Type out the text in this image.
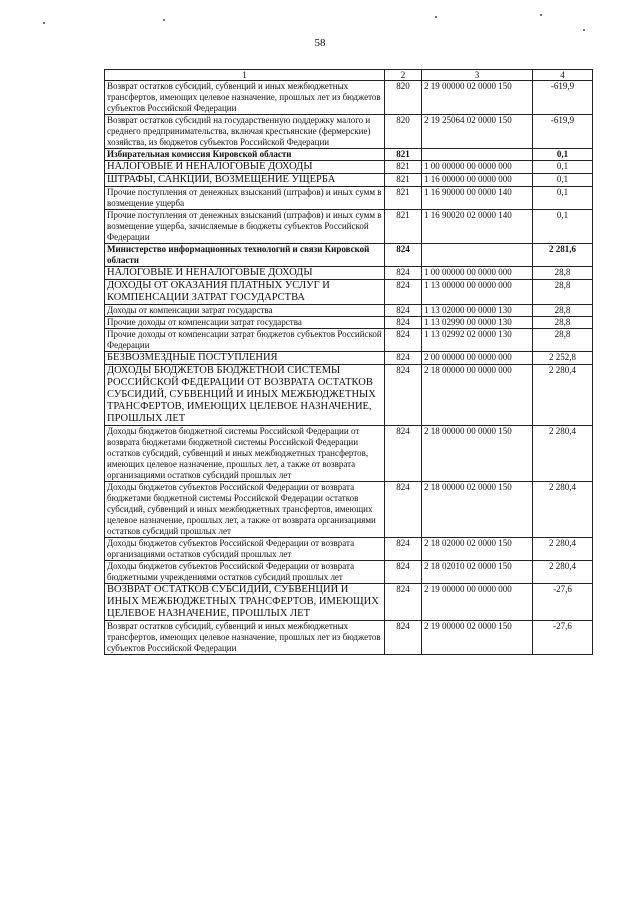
58
1	2	3	4
Возврат остатков субсидий, субвенций и иных межбюджетных трансфертов, имеющих целевое назначение, прошлых лет из бюджетов субъектов Российской Федерации	820	2 19 00000 02 0000 150	-619,9
Возврат остатков субсидий на государственную поддержку малого и среднего предпринимательства, включая крестьянские (фермерские) хозяйства, из бюджетов субъектов Российской Федерации	820	2 19 25064 02 0000 150	-619,9
Избирательная комиссия Кировской области	821		0,1
НАЛОГОВЫЕ И НЕНАЛОГОВЫЕ ДОХОДЫ	821	1 00 00000 00 0000 000	0,1
ШТРАФЫ, САНКЦИИ, ВОЗМЕЩЕНИЕ УЩЕРБА	821	1 16 00000 00 0000 000	0,1
Прочие поступления от денежных взысканий (штрафов) и иных сумм в возмещение ущерба	821	1 16 90000 00 0000 140	0,1
Прочие поступления от денежных взысканий (штрафов) и иных сумм в возмещение ущерба, зачисляемые в бюджеты субъектов Российской Федерации	821	1 16 90020 02 0000 140	0,1
Министерство информационных технологий и связи Кировской области	824		2 281,6
НАЛОГОВЫЕ И НЕНАЛОГОВЫЕ ДОХОДЫ	824	1 00 00000 00 0000 000	28,8
ДОХОДЫ ОТ ОКАЗАНИЯ ПЛАТНЫХ УСЛУГ И КОМПЕНСАЦИИ ЗАТРАТ ГОСУДАРСТВА	824	1 13 00000 00 0000 000	28,8
Доходы от компенсации затрат государства	824	1 13 02000 00 0000 130	28,8
Прочие доходы от компенсации затрат государства	824	1 13 02990 00 0000 130	28,8
Прочие доходы от компенсации затрат бюджетов субъектов Российской Федерации	824	1 13 02992 02 0000 130	28,8
БЕЗВОЗМЕЗДНЫЕ ПОСТУПЛЕНИЯ	824	2 00 00000 00 0000 000	2 252,8
ДОХОДЫ БЮДЖЕТОВ БЮДЖЕТНОЙ СИСТЕМЫ РОССИЙСКОЙ ФЕДЕРАЦИИ ОТ ВОЗВРАТА ОСТАТКОВ СУБСИДИЙ, СУБВЕНЦИЙ И ИНЫХ МЕЖБЮДЖЕТНЫХ ТРАНСФЕРТОВ, ИМЕЮЩИХ ЦЕЛЕВОЕ НАЗНАЧЕНИЕ, ПРОШЛЫХ ЛЕТ	824	2 18 00000 00 0000 000	2 280,4
Доходы бюджетов бюджетной системы Российской Федерации от возврата бюджетами бюджетной системы Российской Федерации остатков субсидий, субвенций и иных межбюджетных трансфертов, имеющих целевое назначение, прошлых лет, а также от возврата организациями остатков субсидий прошлых лет	824	2 18 00000 00 0000 150	2 280,4
Доходы бюджетов субъектов Российской Федерации от возврата бюджетами бюджетной системы Российской Федерации остатков субсидий, субвенций и иных межбюджетных трансфертов, имеющих целевое назначение, прошлых лет, а также от возврата организациями остатков субсидий прошлых лет	824	2 18 00000 02 0000 150	2 280,4
Доходы бюджетов субъектов Российской Федерации от возврата организациями остатков субсидий прошлых лет	824	2 18 02000 02 0000 150	2 280,4
Доходы бюджетов субъектов Российской Федерации от возврата бюджетными учреждениями остатков субсидий прошлых лет	824	2 18 02010 02 0000 150	2 280,4
ВОЗВРАТ ОСТАТКОВ СУБСИДИЙ, СУБВЕНЦИЙ И ИНЫХ МЕЖБЮДЖЕТНЫХ ТРАНСФЕРТОВ, ИМЕЮЩИХ ЦЕЛЕВОЕ НАЗНАЧЕНИЕ, ПРОШЛЫХ ЛЕТ	824	2 19 00000 00 0000 000	-27,6
Возврат остатков субсидий, субвенций и иных межбюджетных трансфертов, имеющих целевое назначение, прошлых лет из бюджетов субъектов Российской Федерации	824	2 19 00000 02 0000 150	-27,6
